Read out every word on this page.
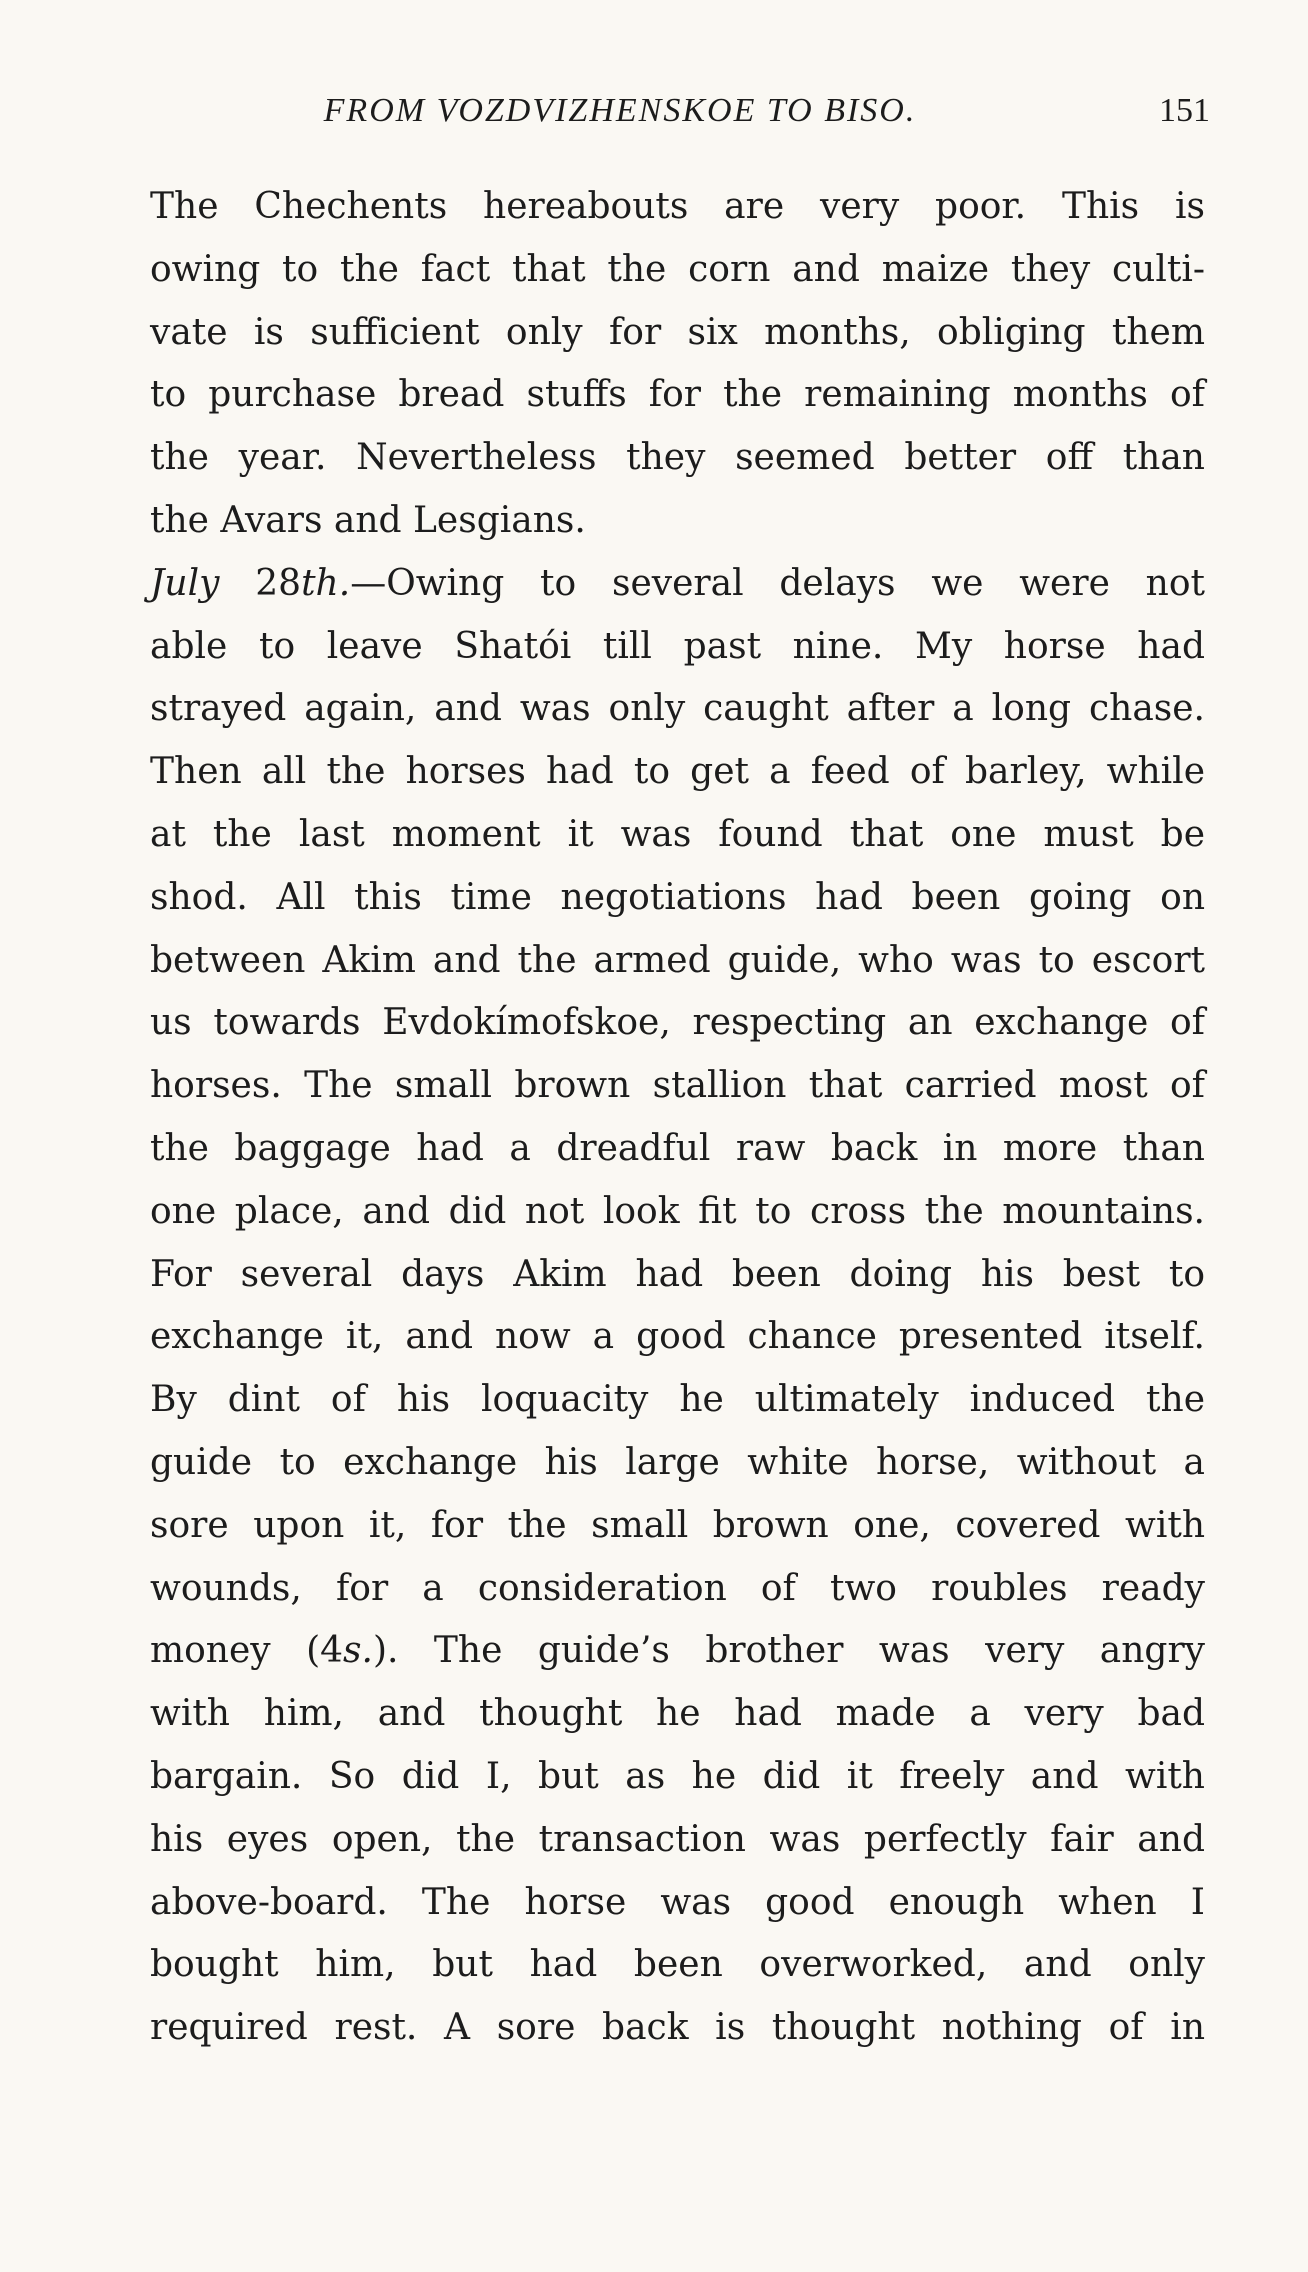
FROM VOZDVIZHENSKOE TO BISO.	151
The Chechents hereabouts are very poor. This is
owing to the fact that the corn and maize they culti-
vate is sufficient only for six months, obliging them
to purchase bread stuffs for the remaining months of
the year. Nevertheless they seemed better off than
the Avars and Lesgians.
July 28th.—Owing to several delays we were not
able to leave Shatói till past nine. My horse had
strayed again, and was only caught after a long chase.
Then all the horses had to get a feed of barley, while
at the last moment it was found that one must be
shod. All this time negotiations had been going on
between Akim and the armed guide, who was to escort
us towards Evdokímofskoe, respecting an exchange of
horses. The small brown stallion that carried most of
the baggage had a dreadful raw back in more than
one place, and did not look fit to cross the mountains.
For several days Akim had been doing his best to
exchange it, and now a good chance presented itself.
By dint of his loquacity he ultimately induced the
guide to exchange his large white horse, without a
sore upon it, for the small brown one, covered with
wounds, for a consideration of two roubles ready
money (4s.). The guide’s brother was very angry
with him, and thought he had made a very bad
bargain. So did I, but as he did it freely and with
his eyes open, the transaction was perfectly fair and
above-board. The horse was good enough when I
bought him, but had been overworked, and only
required rest. A sore back is thought nothing of in
